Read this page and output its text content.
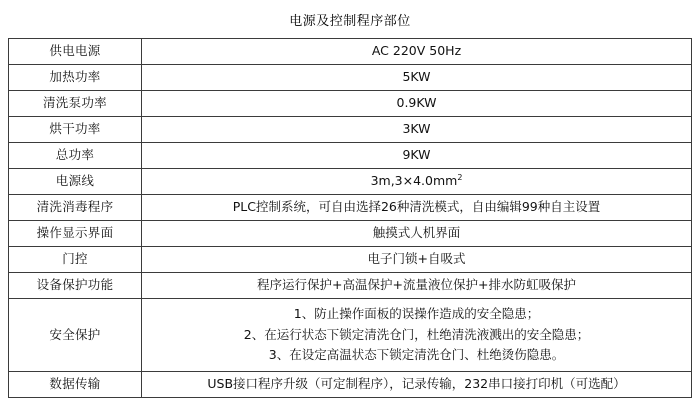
电源及控制程序部位
供电电源	AC 220V 50Hz
加热功率	5KW
清洗泵功率	0.9KW
烘干功率	3KW
总功率	9KW
电源线	$3m,3\times 4.0mm^2$
清洗消毒程序	PLC控制系统，可自由选择26种清洗模式，自由编辑99种自主设置
操作显示界面	触摸式人机界面
门控	电子门锁+自吸式
设备保护功能	程序运行保护+高温保护+流量液位保护+排水防虹吸保护
安全保护	1、防止操作面板的误操作造成的安全隐患；
2、在运行状态下锁定清洗仓门，杜绝清洗液溅出的安全隐患；
3、在设定高温状态下锁定清洗仓门、杜绝烫伤隐患。

数据传输	USB接口程序升级（可定制程序），记录传输，232串口接打印机（可选配）
